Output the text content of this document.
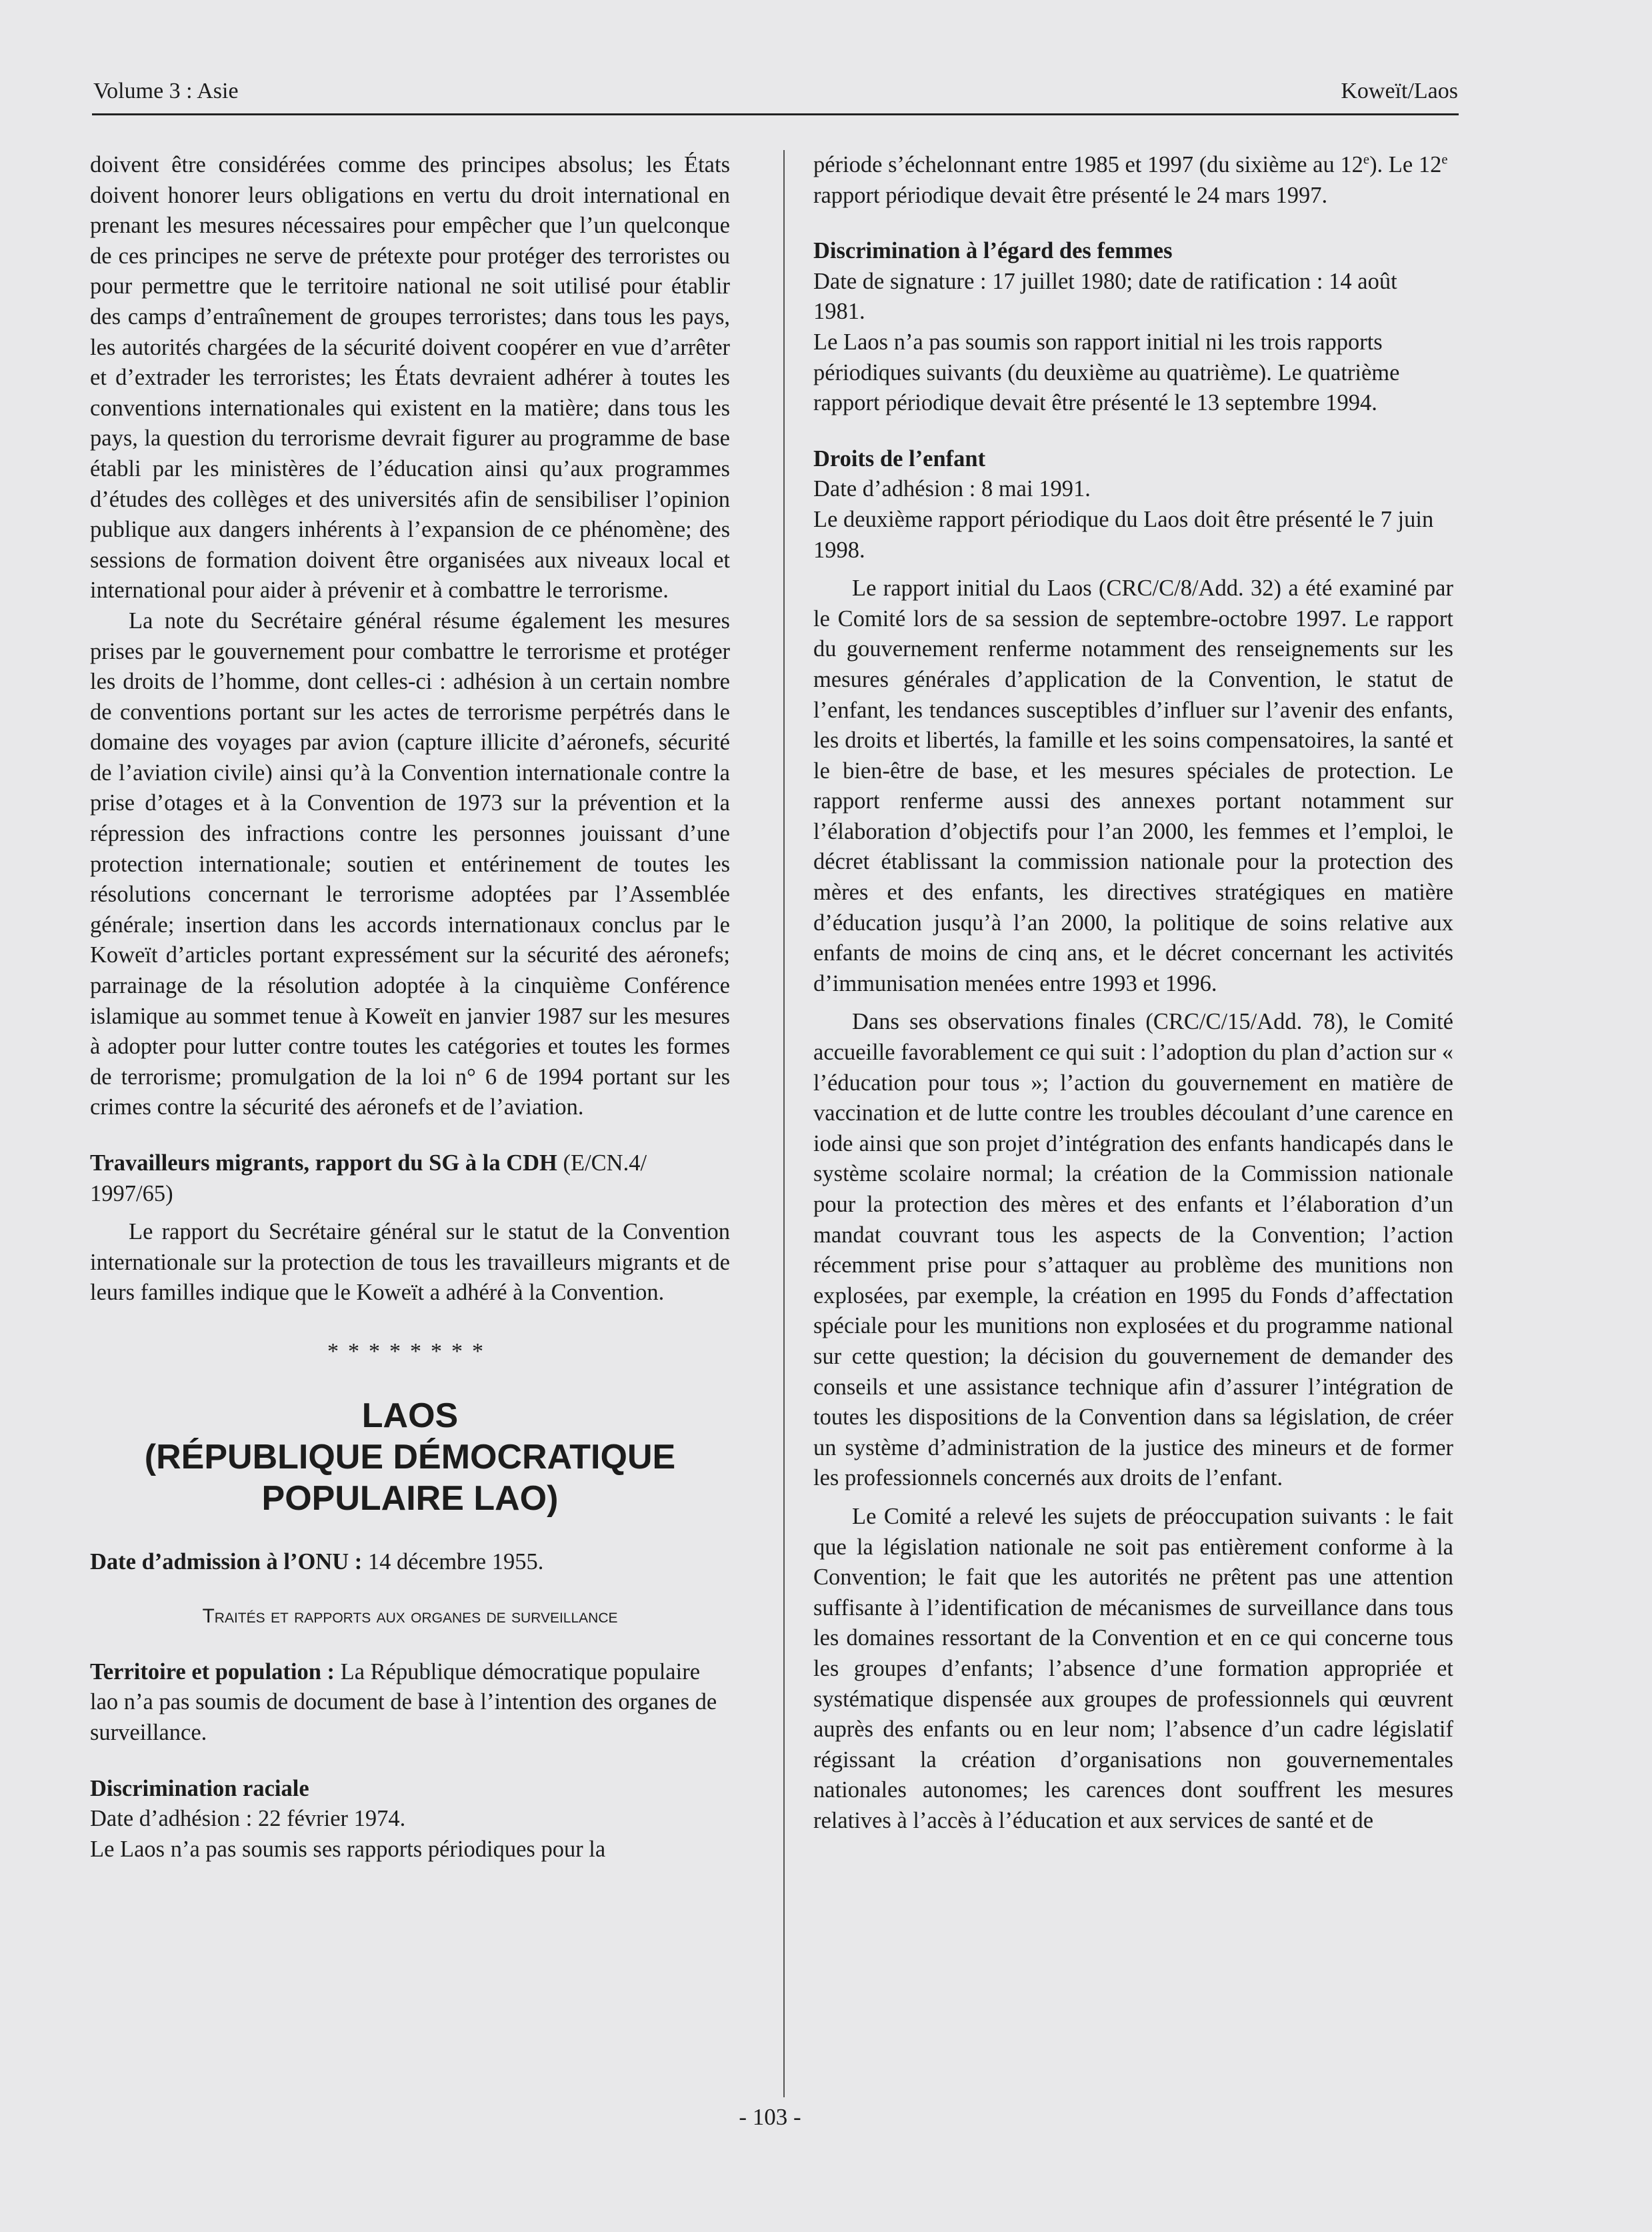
Volume 3 : Asie	Koweït/Laos

doivent être considérées comme des principes absolus; les États doivent honorer leurs obligations en vertu du droit international en prenant les mesures nécessaires pour empêcher que l’un quelconque de ces principes ne serve de prétexte pour protéger des terroristes ou pour permettre que le territoire national ne soit utilisé pour établir des camps d’entraînement de groupes terroristes; dans tous les pays, les autorités chargées de la sécurité doivent coopérer en vue d’arrêter et d’extrader les terroristes; les États devraient adhérer à toutes les conventions internationales qui existent en la matière; dans tous les pays, la question du terrorisme devrait figurer au programme de base établi par les ministères de l’éducation ainsi qu’aux programmes d’études des collèges et des universités afin de sensibiliser l’opinion publique aux dangers inhérents à l’expansion de ce phénomène; des sessions de formation doivent être organisées aux niveaux local et international pour aider à prévenir et à combattre le terrorisme.

La note du Secrétaire général résume également les mesures prises par le gouvernement pour combattre le terrorisme et protéger les droits de l’homme, dont celles-ci : adhésion à un certain nombre de conventions portant sur les actes de terrorisme perpétrés dans le domaine des voyages par avion (capture illicite d’aéronefs, sécurité de l’aviation civile) ainsi qu’à la Convention internationale contre la prise d’otages et à la Convention de 1973 sur la prévention et la répression des infractions contre les personnes jouissant d’une protection internationale; soutien et entérinement de toutes les résolutions concernant le terrorisme adoptées par l’Assemblée générale; insertion dans les accords internationaux conclus par le Koweït d’articles portant expressément sur la sécurité des aéronefs; parrainage de la résolution adoptée à la cinquième Conférence islamique au sommet tenue à Koweït en janvier 1987 sur les mesures à adopter pour lutter contre toutes les catégories et toutes les formes de terrorisme; promulgation de la loi n° 6 de 1994 portant sur les crimes contre la sécurité des aéronefs et de l’aviation.

Travailleurs migrants, rapport du SG à la CDH (E/CN.4/ 1997/65)

Le rapport du Secrétaire général sur le statut de la Convention internationale sur la protection de tous les travailleurs migrants et de leurs familles indique que le Koweït a adhéré à la Convention.

********

LAOS
(RÉPUBLIQUE DÉMOCRATIQUE
POPULAIRE LAO)

Date d’admission à l’ONU : 14 décembre 1955.

Traités et rapports aux organes de surveillance

Territoire et population : La République démocratique populaire lao n’a pas soumis de document de base à l’intention des organes de surveillance.

Discrimination raciale

Date d’adhésion : 22 février 1974.

Le Laos n’a pas soumis ses rapports périodiques pour la

période s’échelonnant entre 1985 et 1997 (du sixième au 12e). Le 12e rapport périodique devait être présenté le 24 mars 1997.

Discrimination à l’égard des femmes

Date de signature : 17 juillet 1980; date de ratification : 14 août 1981.

Le Laos n’a pas soumis son rapport initial ni les trois rapports périodiques suivants (du deuxième au quatrième). Le quatrième rapport périodique devait être présenté le 13 septembre 1994.

Droits de l’enfant

Date d’adhésion : 8 mai 1991.

Le deuxième rapport périodique du Laos doit être présenté le 7 juin 1998.

Le rapport initial du Laos (CRC/C/8/Add. 32) a été examiné par le Comité lors de sa session de septembre-octobre 1997. Le rapport du gouvernement renferme notamment des renseignements sur les mesures générales d’application de la Convention, le statut de l’enfant, les tendances susceptibles d’influer sur l’avenir des enfants, les droits et libertés, la famille et les soins compensatoires, la santé et le bien-être de base, et les mesures spéciales de protection. Le rapport renferme aussi des annexes portant notamment sur l’élaboration d’objectifs pour l’an 2000, les femmes et l’emploi, le décret établissant la commission nationale pour la protection des mères et des enfants, les directives stratégiques en matière d’éducation jusqu’à l’an 2000, la politique de soins relative aux enfants de moins de cinq ans, et le décret concernant les activités d’immunisation menées entre 1993 et 1996.

Dans ses observations finales (CRC/C/15/Add. 78), le Comité accueille favorablement ce qui suit : l’adoption du plan d’action sur « l’éducation pour tous »; l’action du gouvernement en matière de vaccination et de lutte contre les troubles découlant d’une carence en iode ainsi que son projet d’intégration des enfants handicapés dans le système scolaire normal; la création de la Commission nationale pour la protection des mères et des enfants et l’élaboration d’un mandat couvrant tous les aspects de la Convention; l’action récemment prise pour s’attaquer au problème des munitions non explosées, par exemple, la création en 1995 du Fonds d’affectation spéciale pour les munitions non explosées et du programme national sur cette question; la décision du gouvernement de demander des conseils et une assistance technique afin d’assurer l’intégration de toutes les dispositions de la Convention dans sa législation, de créer un système d’administration de la justice des mineurs et de former les professionnels concernés aux droits de l’enfant.

Le Comité a relevé les sujets de préoccupation suivants : le fait que la législation nationale ne soit pas entièrement conforme à la Convention; le fait que les autorités ne prêtent pas une attention suffisante à l’identification de mécanismes de surveillance dans tous les domaines ressortant de la Convention et en ce qui concerne tous les groupes d’enfants; l’absence d’une formation appropriée et systématique dispensée aux groupes de professionnels qui œuvrent auprès des enfants ou en leur nom; l’absence d’un cadre législatif régissant la création d’organisations non gouvernementales nationales autonomes; les carences dont souffrent les mesures relatives à l’accès à l’éducation et aux services de santé et de

- 103 -
